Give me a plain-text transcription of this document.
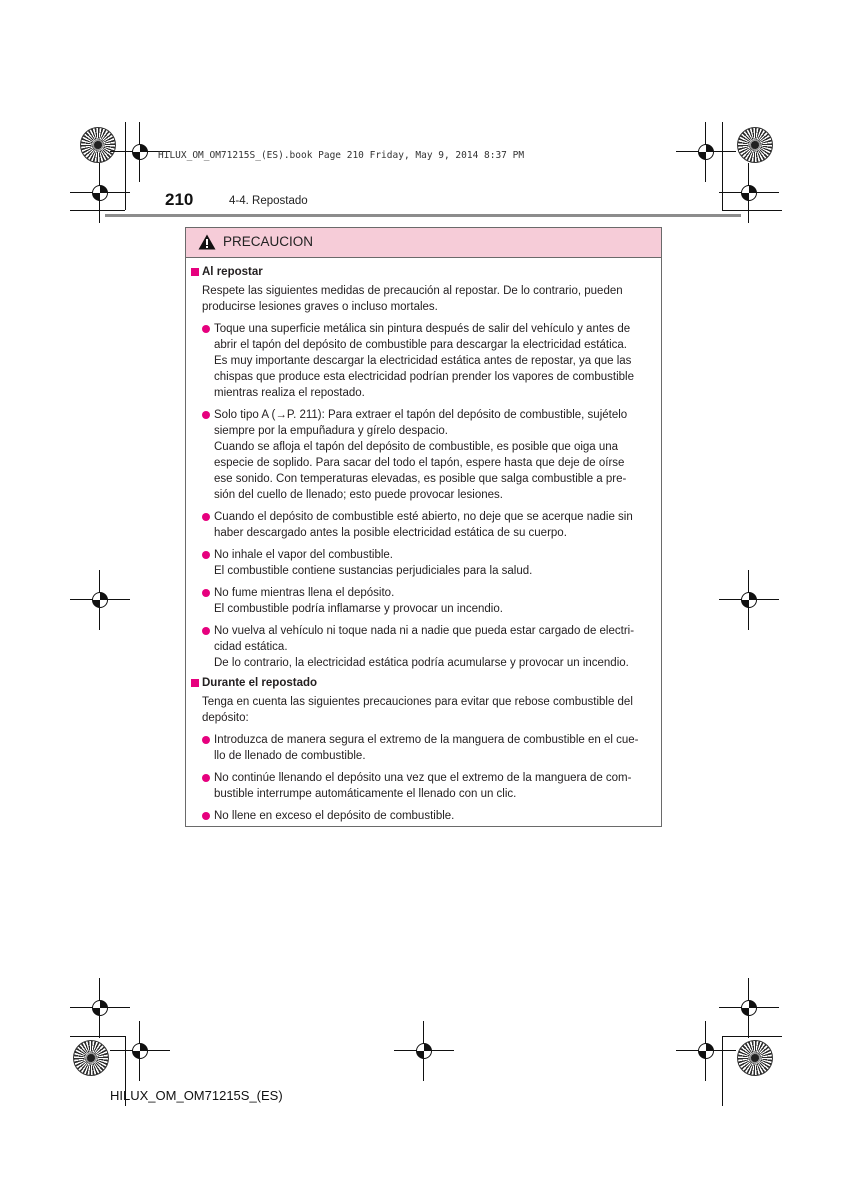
HILUX_OM_OM71215S_(ES).book Page 210 Friday, May 9, 2014 8:37 PM
210	4-4. Repostado
PRECAUCION
Al repostar
Respete las siguientes medidas de precaución al repostar. De lo contrario, pueden
producirse lesiones graves o incluso mortales.
Toque una superficie metálica sin pintura después de salir del vehículo y antes de
abrir el tapón del depósito de combustible para descargar la electricidad estática.
Es muy importante descargar la electricidad estática antes de repostar, ya que las
chispas que produce esta electricidad podrían prender los vapores de combustible
mientras realiza el repostado.
Solo tipo A (→P. 211): Para extraer el tapón del depósito de combustible, sujételo
siempre por la empuñadura y gírelo despacio.
Cuando se afloja el tapón del depósito de combustible, es posible que oiga una
especie de soplido. Para sacar del todo el tapón, espere hasta que deje de oírse
ese sonido. Con temperaturas elevadas, es posible que salga combustible a pre-
sión del cuello de llenado; esto puede provocar lesiones.
Cuando el depósito de combustible esté abierto, no deje que se acerque nadie sin
haber descargado antes la posible electricidad estática de su cuerpo.
No inhale el vapor del combustible.
El combustible contiene sustancias perjudiciales para la salud.
No fume mientras llena el depósito.
El combustible podría inflamarse y provocar un incendio.
No vuelva al vehículo ni toque nada ni a nadie que pueda estar cargado de electri-
cidad estática.
De lo contrario, la electricidad estática podría acumularse y provocar un incendio.
Durante el repostado
Tenga en cuenta las siguientes precauciones para evitar que rebose combustible del
depósito:
Introduzca de manera segura el extremo de la manguera de combustible en el cue-
llo de llenado de combustible.
No continúe llenando el depósito una vez que el extremo de la manguera de com-
bustible interrumpe automáticamente el llenado con un clic.
No llene en exceso el depósito de combustible.
HILUX_OM_OM71215S_(ES)
